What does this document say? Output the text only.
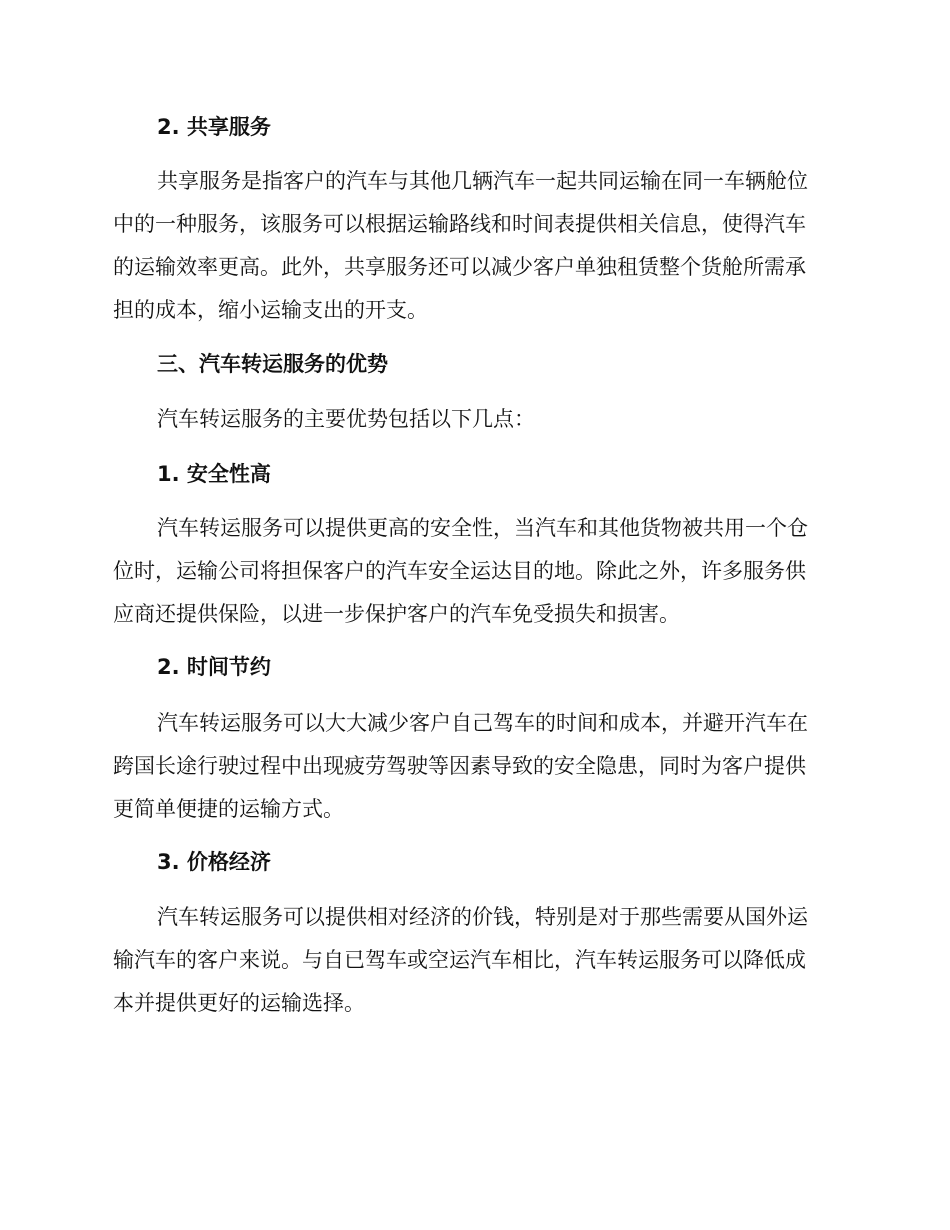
2. 共享服务
共享服务是指客户的汽车与其他几辆汽车一起共同运输在同一车辆舱位
中的一种服务，该服务可以根据运输路线和时间表提供相关信息，使得汽车
的运输效率更高。此外，共享服务还可以减少客户单独租赁整个货舱所需承
担的成本，缩小运输支出的开支。
三、汽车转运服务的优势
汽车转运服务的主要优势包括以下几点：
1. 安全性高
汽车转运服务可以提供更高的安全性，当汽车和其他货物被共用一个仓
位时，运输公司将担保客户的汽车安全运达目的地。除此之外，许多服务供
应商还提供保险，以进一步保护客户的汽车免受损失和损害。
2. 时间节约
汽车转运服务可以大大减少客户自己驾车的时间和成本，并避开汽车在
跨国长途行驶过程中出现疲劳驾驶等因素导致的安全隐患，同时为客户提供
更简单便捷的运输方式。
3. 价格经济
汽车转运服务可以提供相对经济的价钱，特别是对于那些需要从国外运
输汽车的客户来说。与自已驾车或空运汽车相比，汽车转运服务可以降低成
本并提供更好的运输选择。
